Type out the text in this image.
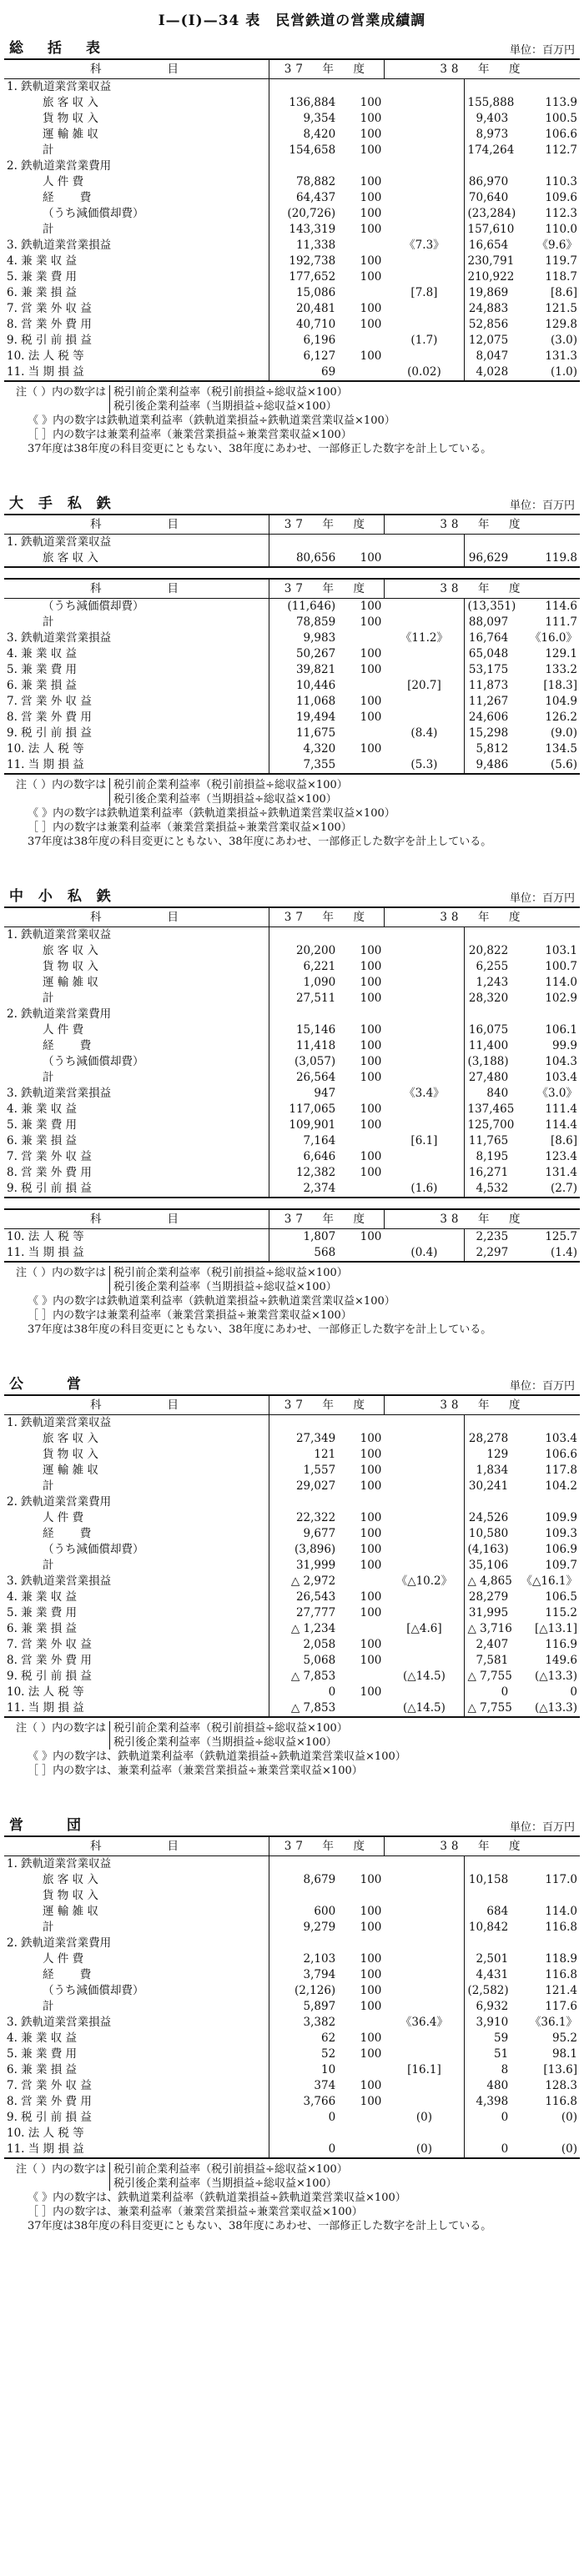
Ⅰ—(Ⅰ)—34 表　民営鉄道の営業成績調
総　括　表	単位：百万円
科　　　　目	37　年　度		38　年　度		
1. 鉄軌道業営業収益					
旅 客 収 入	136,884	100		155,888	113.9
貨 物 収 入	9,354	100		9,403	100.5
運 輸 雑 収	8,420	100		8,973	106.6
計	154,658	100		174,264	112.7
2. 鉄軌道業営業費用					
人 件 費	78,882	100		86,970	110.3
経　　 費	64,437	100		70,640	109.6
（うち減価償却費）	(20,726)	100		(23,284)	112.3
計	143,319	100		157,610	110.0
3. 鉄軌道業営業損益	11,338		《7.3》	16,654	《9.6》
4. 兼 業 収 益	192,738	100		230,791	119.7
5. 兼 業 費 用	177,652	100		210,922	118.7
6. 兼 業 損 益	15,086		[7.8]	19,869	[8.6]
7. 営 業 外 収 益	20,481	100		24,883	121.5
8. 営 業 外 費 用	40,710	100		52,856	129.8
9. 税 引 前 損 益	6,196		(1.7)	12,075	(3.0)
10. 法 人 税 等	6,127	100		8,047	131.3
11. 当 期 損 益	69		(0.02)	4,028	(1.0)
注（ ）内の数字は 税引前企業利益率（税引前損益÷総収益×100）
税引後企業利益率（当期損益÷総収益×100）
《 》内の数字は鉄軌道業利益率（鉄軌道業損益÷鉄軌道業営業収益×100）
［ ］内の数字は兼業利益率（兼業営業損益÷兼業営業収益×100）
37年度は38年度の科目変更にともない、38年度にあわせ、一部修正した数字を計上している。
大 手 私 鉄	単位：百万円
科　　　　目	37　年　度		38　年　度		
1. 鉄軌道業営業収益					
旅 客 収 入	80,656	100		96,629	119.8
科　　　　目	37　年　度		38　年　度		
（うち減価償却費）	(11,646)	100		(13,351)	114.6
計	78,859	100		88,097	111.7
3. 鉄軌道業営業損益	9,983		《11.2》	16,764	《16.0》
4. 兼 業 収 益	50,267	100		65,048	129.1
5. 兼 業 費 用	39,821	100		53,175	133.2
6. 兼 業 損 益	10,446		[20.7]	11,873	[18.3]
7. 営 業 外 収 益	11,068	100		11,267	104.9
8. 営 業 外 費 用	19,494	100		24,606	126.2
9. 税 引 前 損 益	11,675		(8.4)	15,298	(9.0)
10. 法 人 税 等	4,320	100		5,812	134.5
11. 当 期 損 益	7,355		(5.3)	9,486	(5.6)
注（ ）内の数字は 税引前企業利益率（税引前損益÷総収益×100）
税引後企業利益率（当期損益÷総収益×100）
《 》内の数字は鉄軌道業利益率（鉄軌道業損益÷鉄軌道業営業収益×100）
［ ］内の数字は兼業利益率（兼業営業損益÷兼業営業収益×100）
37年度は38年度の科目変更にともない、38年度にあわせ、一部修正した数字を計上している。
中 小 私 鉄	単位：百万円
科　　　　目	37　年　度		38　年　度		
1. 鉄軌道業営業収益					
旅 客 収 入	20,200	100		20,822	103.1
貨 物 収 入	6,221	100		6,255	100.7
運 輸 雑 収	1,090	100		1,243	114.0
計	27,511	100		28,320	102.9
2. 鉄軌道業営業費用					
人 件 費	15,146	100		16,075	106.1
経　　 費	11,418	100		11,400	99.9
（うち減価償却費）	(3,057)	100		(3,188)	104.3
計	26,564	100		27,480	103.4
3. 鉄軌道業営業損益	947		《3.4》	840	《3.0》
4. 兼 業 収 益	117,065	100		137,465	111.4
5. 兼 業 費 用	109,901	100		125,700	114.4
6. 兼 業 損 益	7,164		[6.1]	11,765	[8.6]
7. 営 業 外 収 益	6,646	100		8,195	123.4
8. 営 業 外 費 用	12,382	100		16,271	131.4
9. 税 引 前 損 益	2,374		(1.6)	4,532	(2.7)
科　　　　目	37　年　度		38　年　度		
10. 法 人 税 等	1,807	100		2,235	125.7
11. 当 期 損 益	568		(0.4)	2,297	(1.4)
注（ ）内の数字は 税引前企業利益率（税引前損益÷総収益×100）
税引後企業利益率（当期損益÷総収益×100）
《 》内の数字は鉄軌道業利益率（鉄軌道業損益÷鉄軌道業営業収益×100）
［ ］内の数字は兼業利益率（兼業営業損益÷兼業営業収益×100）
37年度は38年度の科目変更にともない、38年度にあわせ、一部修正した数字を計上している。
公　　営	単位：百万円
科　　　　目	37　年　度		38　年　度		
1. 鉄軌道業営業収益					
旅 客 収 入	27,349	100		28,278	103.4
貨 物 収 入	121	100		129	106.6
運 輸 雑 収	1,557	100		1,834	117.8
計	29,027	100		30,241	104.2
2. 鉄軌道業営業費用					
人 件 費	22,322	100		24,526	109.9
経　　 費	9,677	100		10,580	109.3
（うち減価償却費）	(3,896)	100		(4,163)	106.9
計	31,999	100		35,106	109.7
3. 鉄軌道業営業損益	△ 2,972		《△10.2》	△ 4,865	《△16.1》
4. 兼 業 収 益	26,543	100		28,279	106.5
5. 兼 業 費 用	27,777	100		31,995	115.2
6. 兼 業 損 益	△ 1,234		[△4.6]	△ 3,716	[△13.1]
7. 営 業 外 収 益	2,058	100		2,407	116.9
8. 営 業 外 費 用	5,068	100		7,581	149.6
9. 税 引 前 損 益	△ 7,853		(△14.5)	△ 7,755	(△13.3)
10. 法 人 税 等	0	100		0	0
11. 当 期 損 益	△ 7,853		(△14.5)	△ 7,755	(△13.3)
注（ ）内の数字は 税引前企業利益率（税引前損益÷総収益×100）
税引後企業利益率（当期損益÷総収益×100）
《 》内の数字は、鉄軌道業利益率（鉄軌道業損益÷鉄軌道業営業収益×100）
［ ］内の数字は、兼業利益率（兼業営業損益÷兼業営業収益×100）
営　　団	単位：百万円
科　　　　目	37　年　度		38　年　度		
1. 鉄軌道業営業収益					
旅 客 収 入	8,679	100		10,158	117.0
貨 物 収 入					
運 輸 雑 収	600	100		684	114.0
計	9,279	100		10,842	116.8
2. 鉄軌道業営業費用					
人 件 費	2,103	100		2,501	118.9
経　　 費	3,794	100		4,431	116.8
（うち減価償却費）	(2,126)	100		(2,582)	121.4
計	5,897	100		6,932	117.6
3. 鉄軌道業営業損益	3,382		《36.4》	3,910	《36.1》
4. 兼 業 収 益	62	100		59	95.2
5. 兼 業 費 用	52	100		51	98.1
6. 兼 業 損 益	10		[16.1]	8	[13.6]
7. 営 業 外 収 益	374	100		480	128.3
8. 営 業 外 費 用	3,766	100		4,398	116.8
9. 税 引 前 損 益	0		(0)	0	(0)
10. 法 人 税 等					
11. 当 期 損 益	0		(0)	0	(0)
注（ ）内の数字は 税引前企業利益率（税引前損益÷総収益×100）
税引後企業利益率（当期損益÷総収益×100）
《 》内の数字は、鉄軌道業利益率（鉄軌道業損益÷鉄軌道業営業収益×100）
［ ］内の数字は、兼業利益率（兼業営業損益÷兼業営業収益×100）
37年度は38年度の科目変更にともない、38年度にあわせ、一部修正した数字を計上している。
